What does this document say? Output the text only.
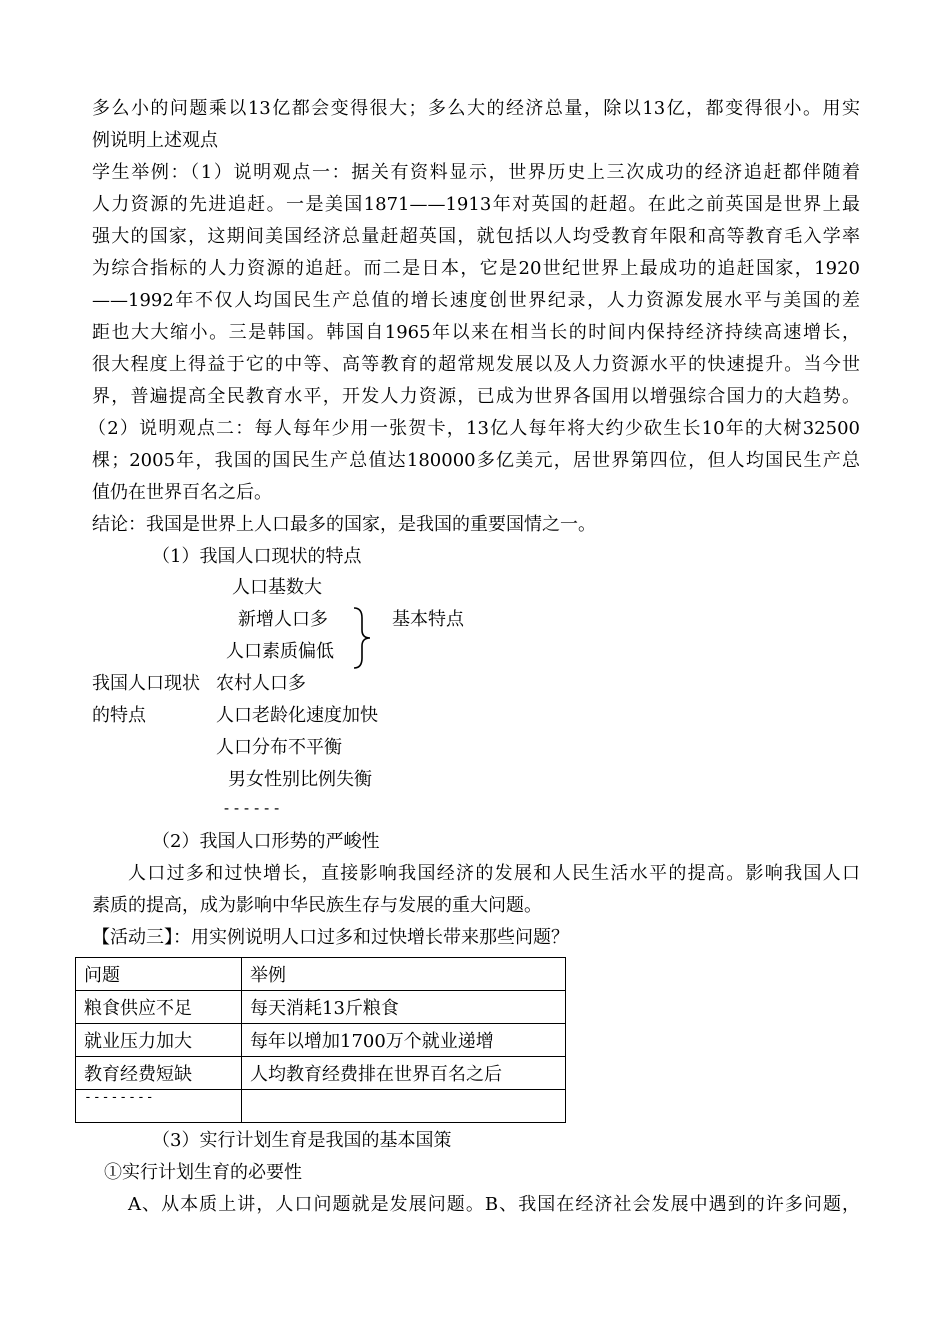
多么小的问题乘以13亿都会变得很大；多么大的经济总量，除以13亿，都变得很小。用实
例说明上述观点
学生举例：（1）说明观点一：据关有资料显示，世界历史上三次成功的经济追赶都伴随着
人力资源的先进追赶。一是美国1871——1913年对英国的赶超。在此之前英国是世界上最
强大的国家，这期间美国经济总量赶超英国，就包括以人均受教育年限和高等教育毛入学率
为综合指标的人力资源的追赶。而二是日本，它是20世纪世界上最成功的追赶国家，1920
——1992年不仅人均国民生产总值的增长速度创世界纪录，人力资源发展水平与美国的差
距也大大缩小。三是韩国。韩国自1965年以来在相当长的时间内保持经济持续高速增长，
很大程度上得益于它的中等、高等教育的超常规发展以及人力资源水平的快速提升。当今世
界，普遍提高全民教育水平，开发人力资源，已成为世界各国用以增强综合国力的大趋势。
（2）说明观点二：每人每年少用一张贺卡，13亿人每年将大约少砍生长10年的大树32500
棵；2005年，我国的国民生产总值达180000多亿美元，居世界第四位，但人均国民生产总
值仍在世界百名之后。
结论：我国是世界上人口最多的国家，是我国的重要国情之一。
（1）我国人口现状的特点
人口基数大
新增人口多
人口素质偏低
基本特点
我国人口现状
的特点
农村人口多
人口老龄化速度加快
人口分布不平衡
男女性别比例失衡
------
（2）我国人口形势的严峻性
人口过多和过快增长，直接影响我国经济的发展和人民生活水平的提高。影响我国人口
素质的提高，成为影响中华民族生存与发展的重大问题。
【活动三】：用实例说明人口过多和过快增长带来那些问题？
问题	举例
粮食供应不足	每天消耗13斤粮食
就业压力加大	每年以增加1700万个就业递增
教育经费短缺	人均教育经费排在世界百名之后
--------	
（3）实行计划生育是我国的基本国策
①实行计划生育的必要性
A、从本质上讲，人口问题就是发展问题。B、我国在经济社会发展中遇到的许多问题，
